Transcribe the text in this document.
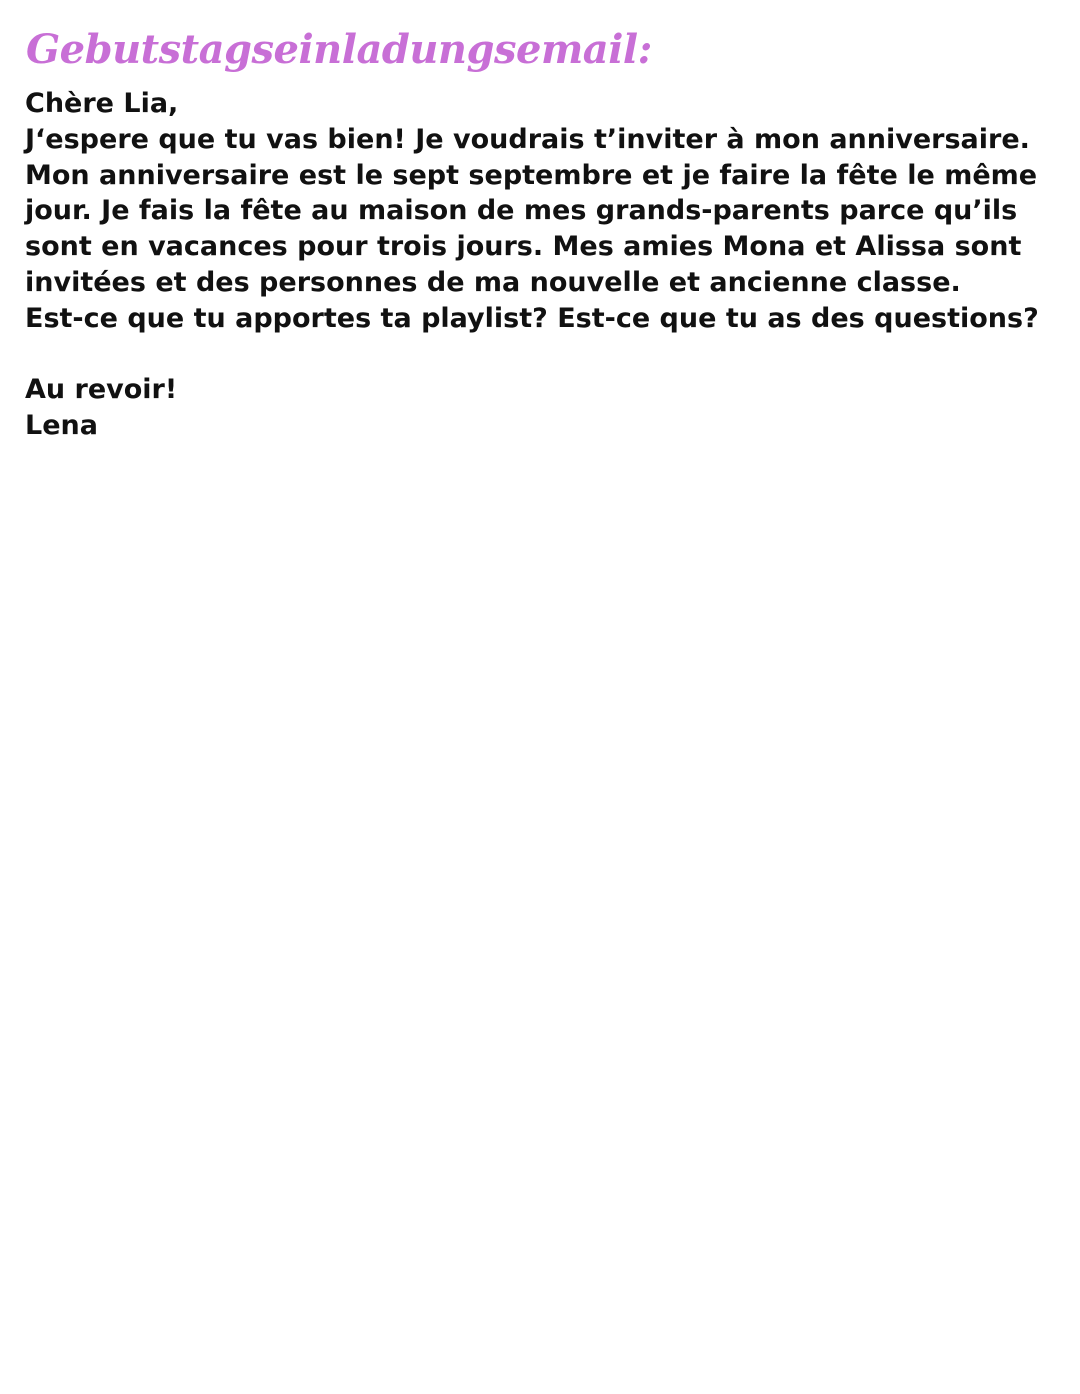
Gebutstagseinladungsemail:
Chère Lia,
J‘espere que tu vas bien! Je voudrais t’inviter à mon anniversaire.
Mon anniversaire est le sept septembre et je faire la fête le même
jour. Je fais la fête au maison de mes grands-parents parce qu’ils
sont en vacances pour trois jours. Mes amies Mona et Alissa sont
invitées et des personnes de ma nouvelle et ancienne classe.
Est-ce que tu apportes ta playlist? Est-ce que tu as des questions?
Au revoir!
Lena
